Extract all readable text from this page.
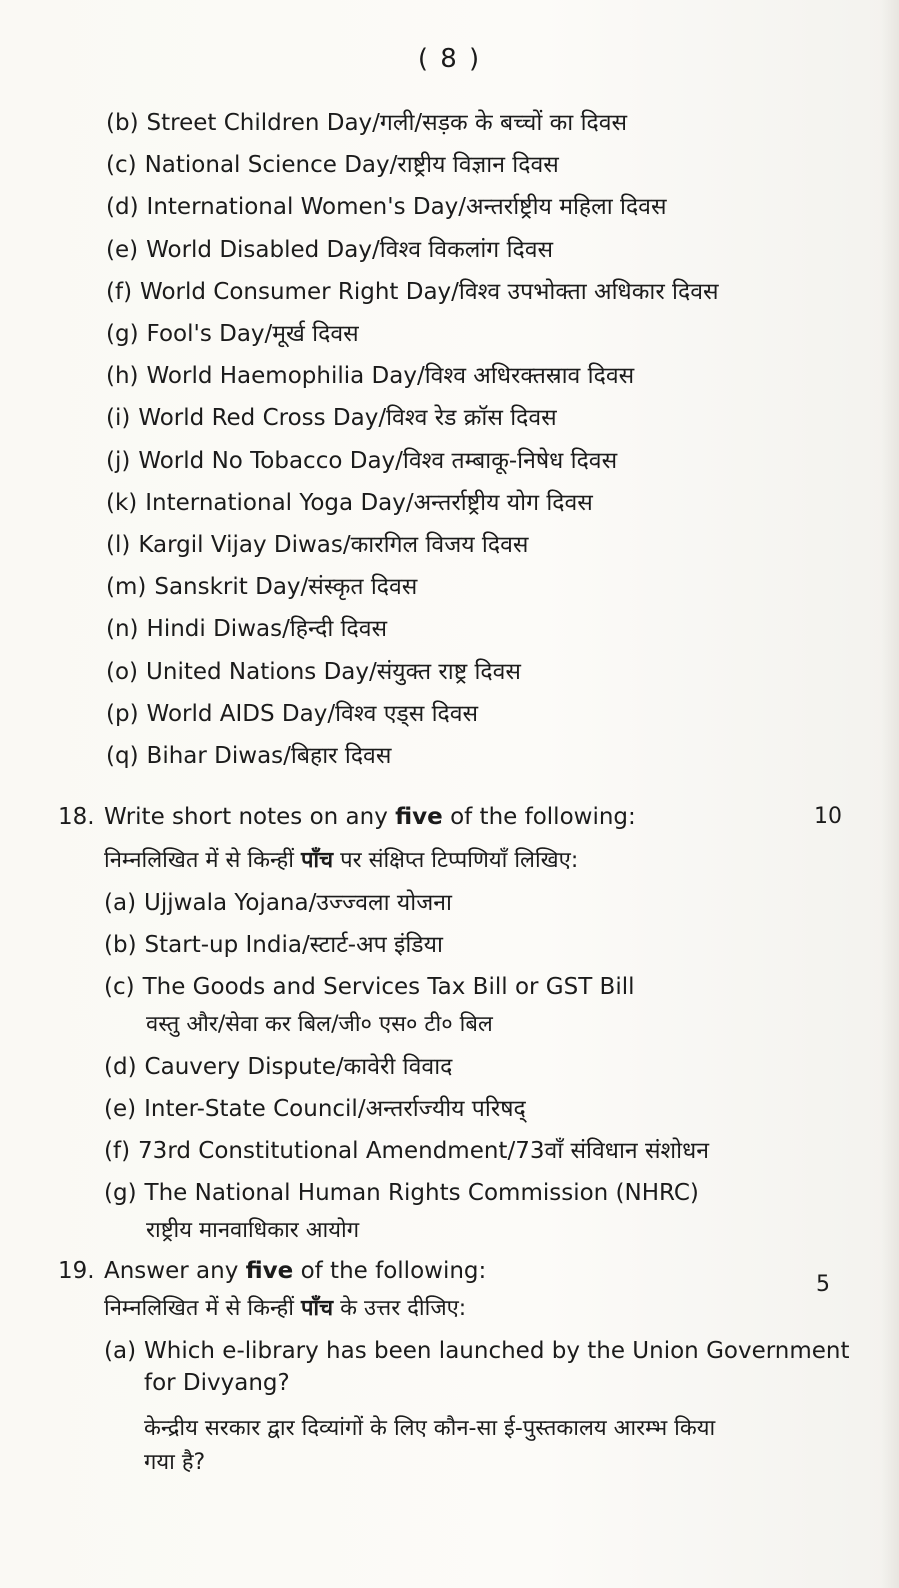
( 8 )
(b) Street Children Day/गली/सड़क के बच्चों का दिवस
(c) National Science Day/राष्ट्रीय विज्ञान दिवस
(d) International Women's Day/अन्तर्राष्ट्रीय महिला दिवस
(e) World Disabled Day/विश्व विकलांग दिवस
(f) World Consumer Right Day/विश्व उपभोक्ता अधिकार दिवस
(g) Fool's Day/मूर्ख दिवस
(h) World Haemophilia Day/विश्व अधिरक्तस्राव दिवस
(i) World Red Cross Day/विश्व रेड क्रॉस दिवस
(j) World No Tobacco Day/विश्व तम्बाकू-निषेध दिवस
(k) International Yoga Day/अन्तर्राष्ट्रीय योग दिवस
(l) Kargil Vijay Diwas/कारगिल विजय दिवस
(m) Sanskrit Day/संस्कृत दिवस
(n) Hindi Diwas/हिन्दी दिवस
(o) United Nations Day/संयुक्त राष्ट्र दिवस
(p) World AIDS Day/विश्व एड्स दिवस
(q) Bihar Diwas/बिहार दिवस
18. Write short notes on any five of the following:	10
निम्नलिखित में से किन्हीं पाँच पर संक्षिप्त टिप्पणियाँ लिखिए:
(a) Ujjwala Yojana/उज्ज्वला योजना
(b) Start-up India/स्टार्ट-अप इंडिया
(c) The Goods and Services Tax Bill or GST Bill
वस्तु और/सेवा कर बिल/जी० एस० टी० बिल
(d) Cauvery Dispute/कावेरी विवाद
(e) Inter-State Council/अन्तर्राज्यीय परिषद्
(f) 73rd Constitutional Amendment/73वाँ संविधान संशोधन
(g) The National Human Rights Commission (NHRC)
राष्ट्रीय मानवाधिकार आयोग
19. Answer any five of the following:
5
निम्नलिखित में से किन्हीं पाँच के उत्तर दीजिए:
(a) Which e-library has been launched by the Union Government
for Divyang?
केन्द्रीय सरकार द्वार दिव्यांगों के लिए कौन-सा ई-पुस्तकालय आरम्भ किया
गया है?
